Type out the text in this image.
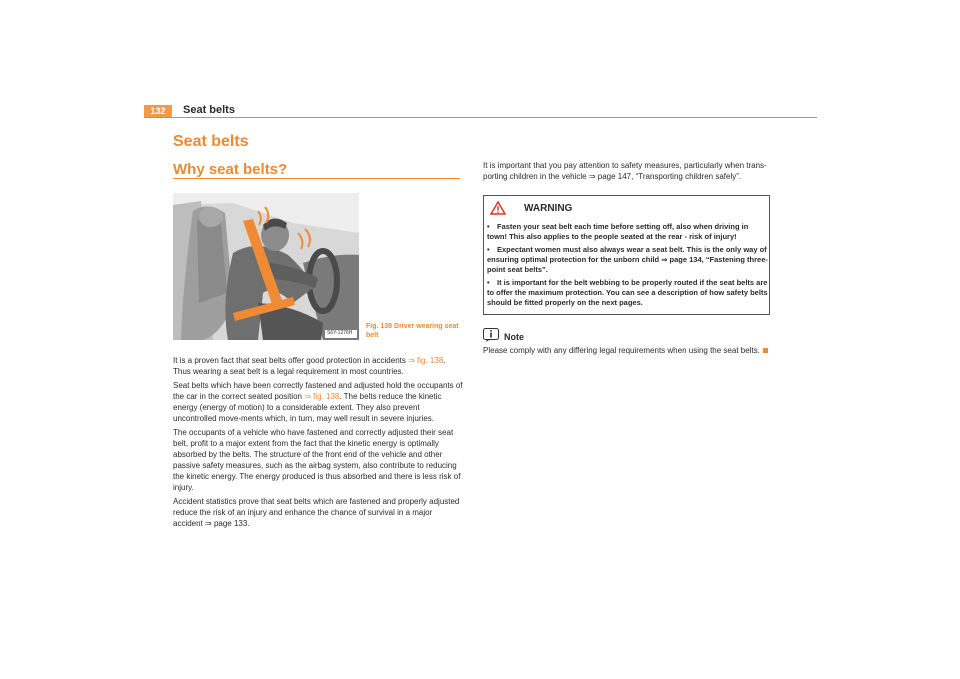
132	Seat belts
Seat belts
Why seat belts?
S6Y-1276H
Fig. 138 Driver wearing seat belt

It is a proven fact that seat belts offer good protection in accidents ⇒ fig. 138. Thus wearing a seat belt is a legal requirement in most countries.

Seat belts which have been correctly fastened and adjusted hold the occupants of the car in the correct seated position ⇒ fig. 138. The belts reduce the kinetic energy (energy of motion) to a considerable extent. They also prevent uncontrolled move-ments which, in turn, may well result in severe injuries.

The occupants of a vehicle who have fastened and correctly adjusted their seat belt, profit to a major extent from the fact that the kinetic energy is optimally absorbed by the belts. The structure of the front end of the vehicle and other passive safety measures, such as the airbag system, also contribute to reducing the kinetic energy. The energy produced is thus absorbed and there is less risk of injury.

Accident statistics prove that seat belts which are fastened and properly adjusted reduce the risk of an injury and enhance the chance of survival in a major accident ⇒ page 133.

It is important that you pay attention to safety measures, particularly when trans-porting children in the vehicle ⇒ page 147, “Transporting children safely”.

WARNING
• Fasten your seat belt each time before setting off, also when driving in town! This also applies to the people seated at the rear - risk of injury!
• Expectant women must also always wear a seat belt. This is the only way of ensuring optimal protection for the unborn child ⇒ page 134, “Fastening three-point seat belts”.
• It is important for the belt webbing to be properly routed if the seat belts are to offer the maximum protection. You can see a description of how safety belts should be fitted properly on the next pages.
Note
Please comply with any differing legal requirements when using the seat belts.
